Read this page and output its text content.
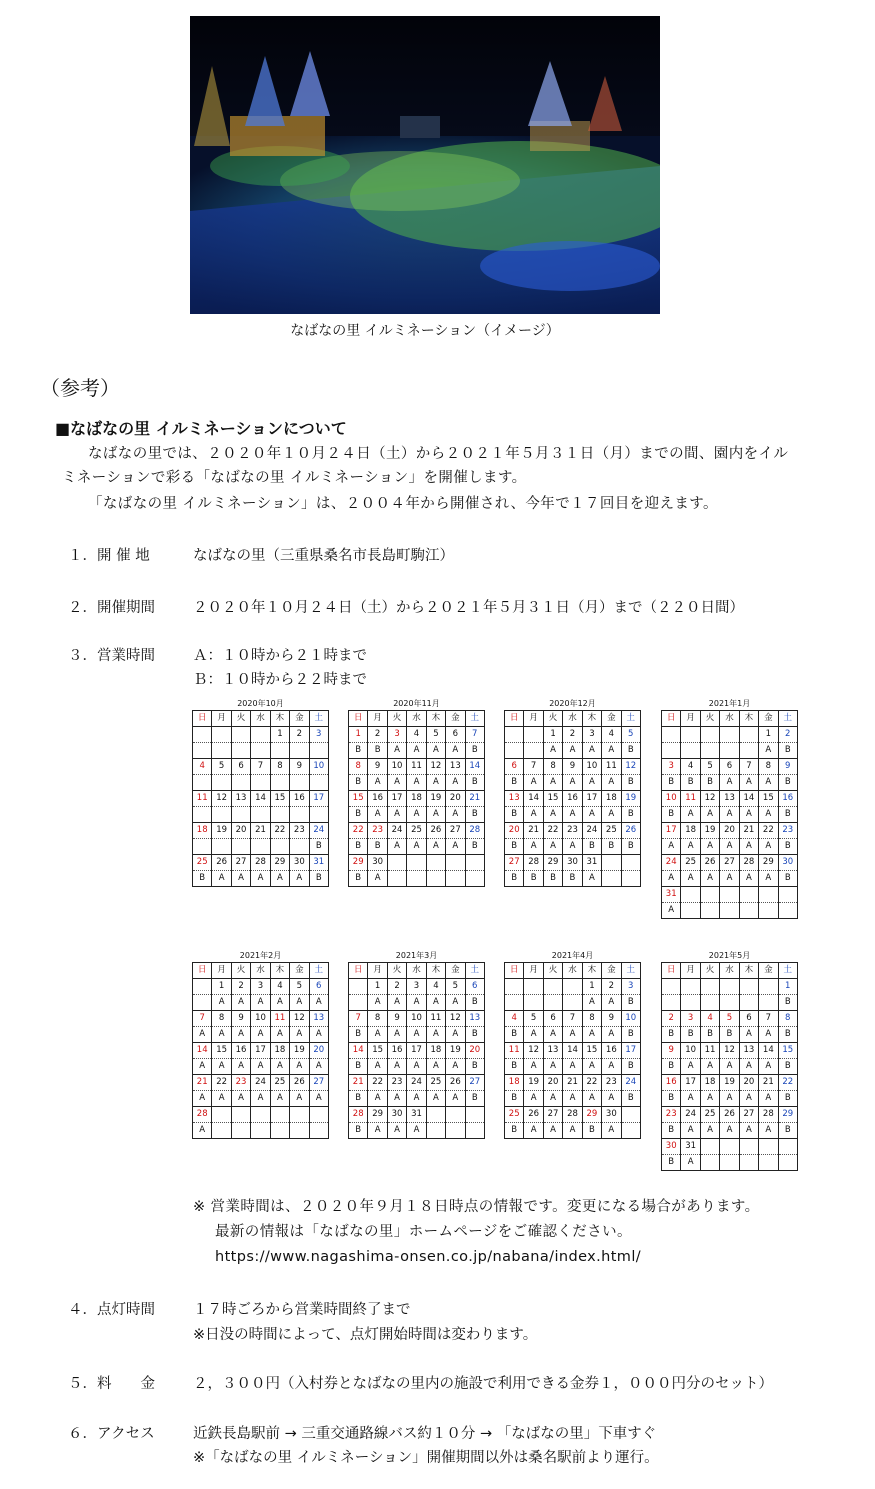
なばなの里 イルミネーション（イメージ）
（参考）
■なばなの里 イルミネーションについて
なばなの里では、２０２０年１０月２４日（土）から２０２１年５月３１日（月）までの間、園内をイル
ミネーションで彩る「なばなの里 イルミネーション」を開催します。
「なばなの里 イルミネーション」は、２００４年から開催され、今年で１７回目を迎えます。
１． 開 催 地	なばなの里（三重県桑名市長島町駒江）
２． 開催期間	２０２０年１０月２４日（土）から２０２１年５月３１日（月）まで（２２０日間）
３． 営業時間	Ａ：１０時から２１時まで
Ｂ：１０時から２２時まで
2020年10月
日	月	火	水	木	金	土
				1	2	3

4	5	6	7	8	9	10

11	12	13	14	15	16	17

18	19	20	21	22	23	24
						B
25	26	27	28	29	30	31
B	A	A	A	A	A	B
2020年11月
日	月	火	水	木	金	土
1	2	3	4	5	6	7
B	B	A	A	A	A	B
8	9	10	11	12	13	14
B	A	A	A	A	A	B
15	16	17	18	19	20	21
B	A	A	A	A	A	B
22	23	24	25	26	27	28
B	B	A	A	A	A	B
29	30					
B	A					
2020年12月
日	月	火	水	木	金	土
		1	2	3	4	5
		A	A	A	A	B
6	7	8	9	10	11	12
B	A	A	A	A	A	B
13	14	15	16	17	18	19
B	A	A	A	A	A	B
20	21	22	23	24	25	26
B	A	A	A	B	B	B
27	28	29	30	31		
B	B	B	B	A		
2021年1月
日	月	火	水	木	金	土
					1	2
					A	B
3	4	5	6	7	8	9
B	B	B	A	A	A	B
10	11	12	13	14	15	16
B	A	A	A	A	A	B
17	18	19	20	21	22	23
A	A	A	A	A	A	B
24	25	26	27	28	29	30
A	A	A	A	A	A	B
31						
A						
2021年2月
日	月	火	水	木	金	土
	1	2	3	4	5	6
	A	A	A	A	A	A
7	8	9	10	11	12	13
A	A	A	A	A	A	A
14	15	16	17	18	19	20
A	A	A	A	A	A	A
21	22	23	24	25	26	27
A	A	A	A	A	A	A
28						
A						
2021年3月
日	月	火	水	木	金	土
	1	2	3	4	5	6
	A	A	A	A	A	B
7	8	9	10	11	12	13
B	A	A	A	A	A	B
14	15	16	17	18	19	20
B	A	A	A	A	A	B
21	22	23	24	25	26	27
B	A	A	A	A	A	B
28	29	30	31			
B	A	A	A			
2021年4月
日	月	火	水	木	金	土
				1	2	3
				A	A	B
4	5	6	7	8	9	10
B	A	A	A	A	A	B
11	12	13	14	15	16	17
B	A	A	A	A	A	B
18	19	20	21	22	23	24
B	A	A	A	A	A	B
25	26	27	28	29	30	
B	A	A	A	B	A	
2021年5月
日	月	火	水	木	金	土
						1
						B
2	3	4	5	6	7	8
B	B	B	B	A	A	B
9	10	11	12	13	14	15
B	A	A	A	A	A	B
16	17	18	19	20	21	22
B	A	A	A	A	A	B
23	24	25	26	27	28	29
B	A	A	A	A	A	B
30	31					
B	A					
※ 営業時間は、２０２０年９月１８日時点の情報です。変更になる場合があります。
最新の情報は「なばなの里」ホームページをご確認ください。
https://www.nagashima-onsen.co.jp/nabana/index.html/
４． 点灯時間	１７時ごろから営業時間終了まで
※日没の時間によって、点灯開始時間は変わります。
５． 料　　金	２，３００円（入村券となばなの里内の施設で利用できる金券１，０００円分のセット）
６． アクセス	近鉄長島駅前 → 三重交通路線バス約１０分 → 「なばなの里」下車すぐ
※「なばなの里 イルミネーション」開催期間以外は桑名駅前より運行。
